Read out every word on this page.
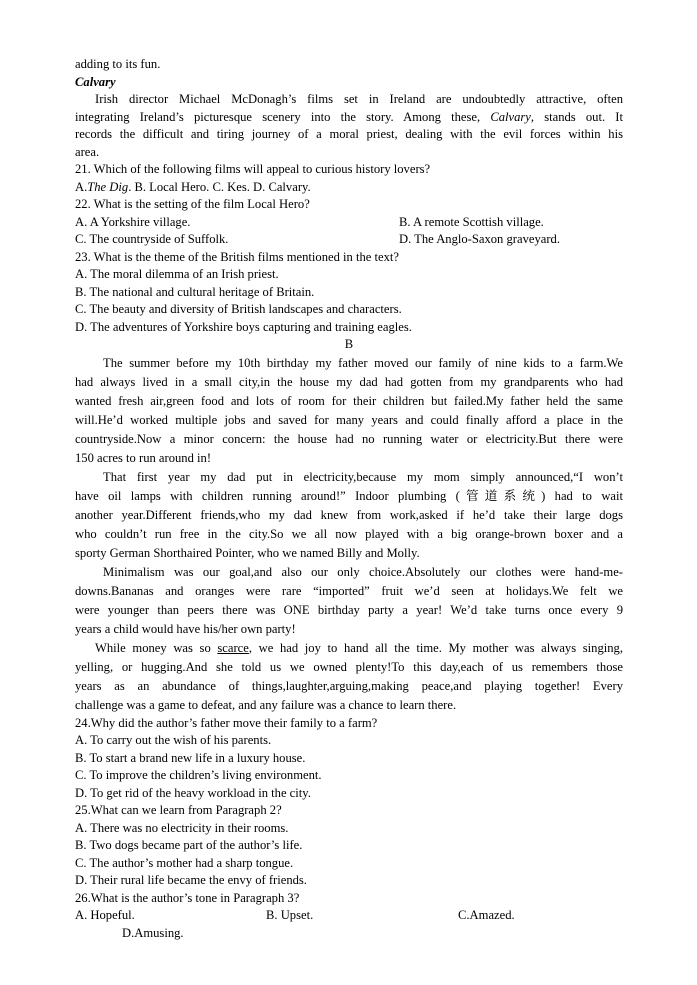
adding to its fun.
Calvary
Irish director Michael McDonagh’s films set in Ireland are undoubtedly attractive, often
integrating Ireland’s picturesque scenery into the story. Among these, Calvary, stands out. It
records the difficult and tiring journey of a moral priest, dealing with the evil forces within his
area.
21. Which of the following films will appeal to curious history lovers?
A. The Dig . B. Local Hero. C. Kes. D. Calvary.
22. What is the setting of the film Local Hero?
A. A Yorkshire village.	B. A remote Scottish village.
C. The countryside of Suffolk.	D. The Anglo-Saxon graveyard.
23. What is the theme of the British films mentioned in the text?
A. The moral dilemma of an Irish priest.
B. The national and cultural heritage of Britain.
C. The beauty and diversity of British landscapes and characters.
D. The adventures of Yorkshire boys capturing and training eagles.
B
The summer before my 10th birthday my father moved our family of nine kids to a farm.We
had always lived in a small city,in the house my dad had gotten from my grandparents who had
wanted fresh air,green food and lots of room for their children but failed.My father held the same
will.He’d worked multiple jobs and saved for many years and could finally afford a place in the
countryside.Now a minor concern: the house had no running water or electricity.But there were
150 acres to run around in!
That first year my dad put in electricity,because my mom simply announced,“I won’t
have oil lamps with children running around!” Indoor plumbing (管道系统) had to wait
another year.Different friends,who my dad knew from work,asked if he’d take their large dogs
who couldn’t run free in the city.So we all now played with a big orange-brown boxer and a
sporty German Shorthaired Pointer, who we named Billy and Molly.
Minimalism was our goal,and also our only choice.Absolutely our clothes were hand-me-
downs.Bananas and oranges were rare “imported” fruit we’d seen at holidays.We felt we
were younger than peers there was ONE birthday party a year! We’d take turns once every 9
years a child would have his/her own party!
While money was so scarce, we had joy to hand all the time. My mother was always singing,
yelling, or hugging.And she told us we owned plenty!To this day,each of us remembers those
years as an abundance of things,laughter,arguing,making peace,and playing together! Every
challenge was a game to defeat, and any failure was a chance to learn there.
24.Why did the author’s father move their family to a farm?
A. To carry out the wish of his parents.
B. To start a brand new life in a luxury house.
C. To improve the children’s living environment.
D. To get rid of the heavy workload in the city.
25.What can we learn from Paragraph 2?
A. There was no electricity in their rooms.
B. Two dogs became part of the author’s life.
C. The author’s mother had a sharp tongue.
D. Their rural life became the envy of friends.
26.What is the author’s tone in Paragraph 3?
A. Hopeful.	B. Upset.	C.Amazed.
D.Amusing.
